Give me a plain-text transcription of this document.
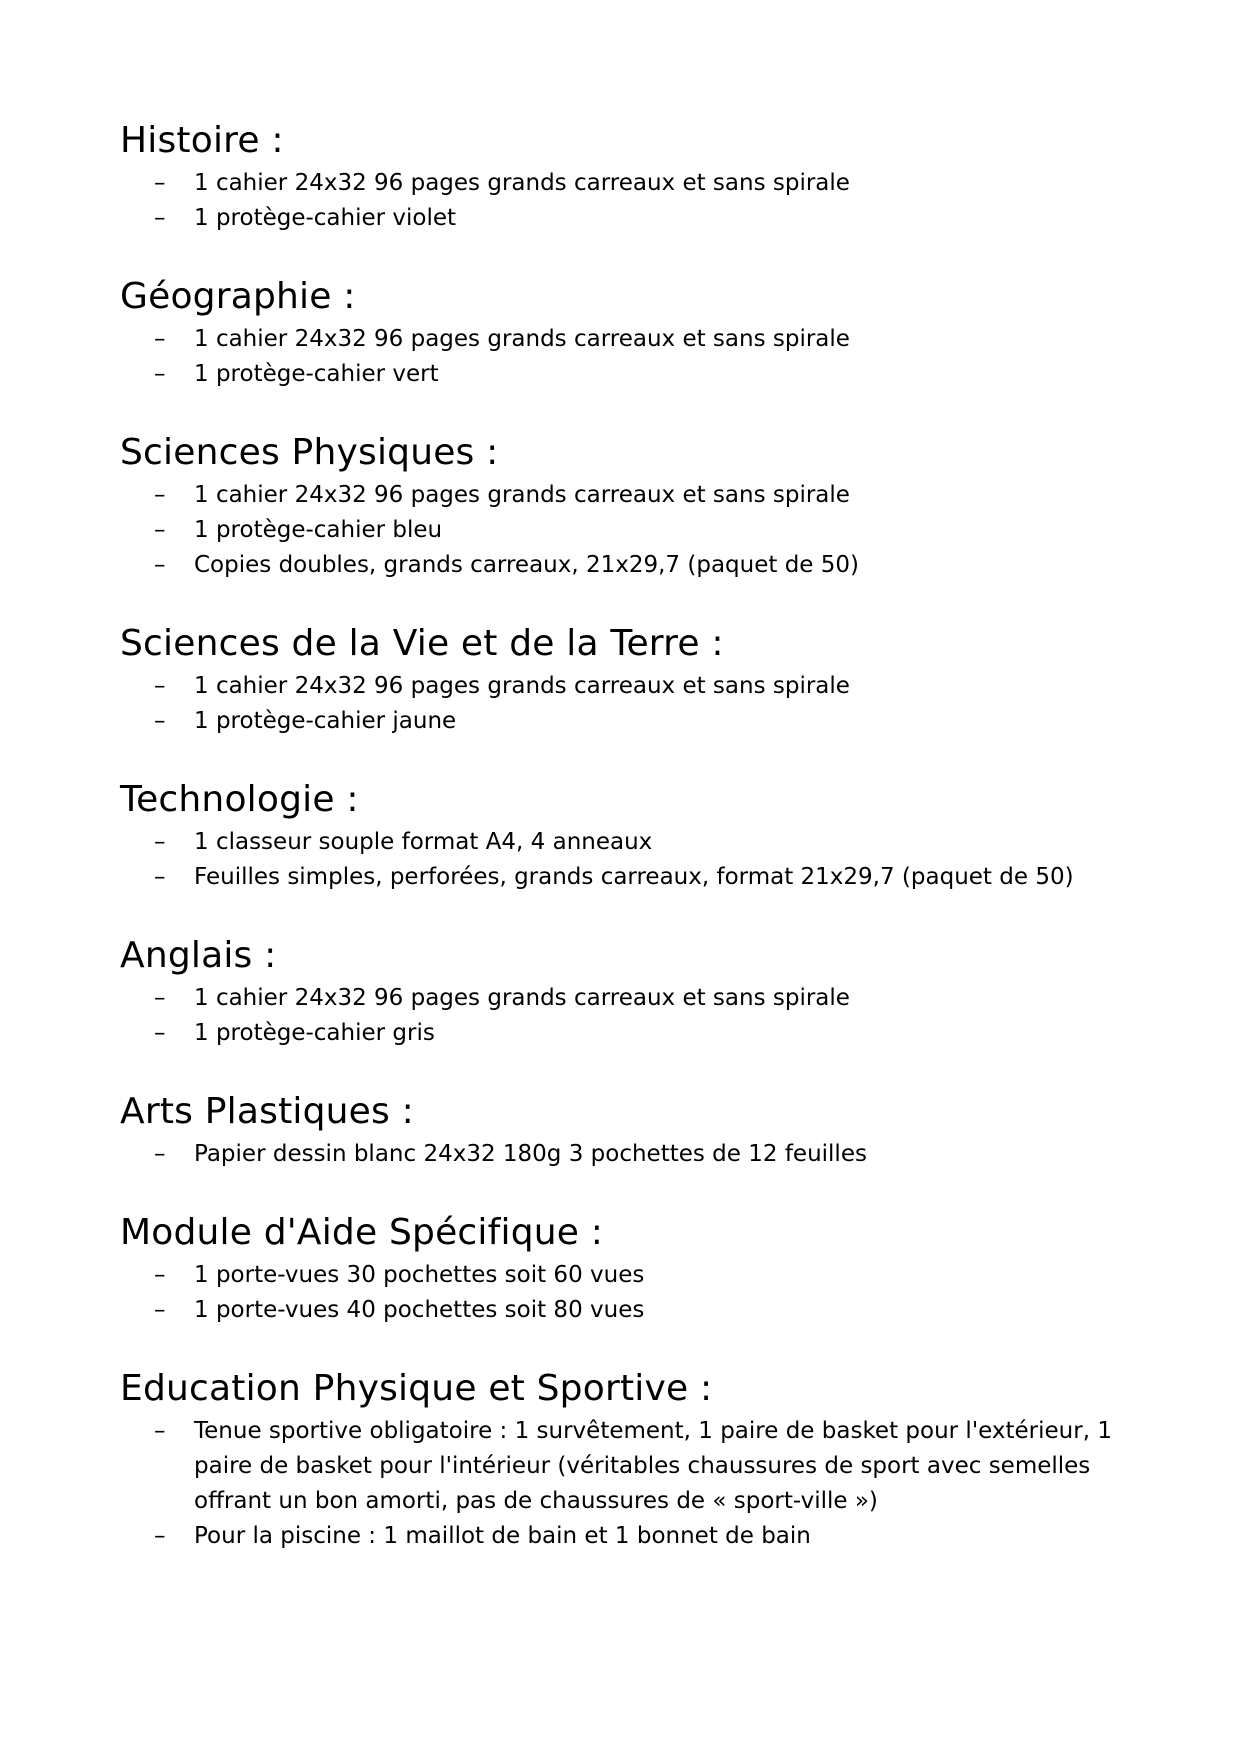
Histoire :
– 1 cahier 24x32 96 pages grands carreaux et sans spirale
– 1 protège-cahier violet
Géographie :
– 1 cahier 24x32 96 pages grands carreaux et sans spirale
– 1 protège-cahier vert
Sciences Physiques :
– 1 cahier 24x32 96 pages grands carreaux et sans spirale
– 1 protège-cahier bleu
– Copies doubles, grands carreaux, 21x29,7 (paquet de 50)
Sciences de la Vie et de la Terre :
– 1 cahier 24x32 96 pages grands carreaux et sans spirale
– 1 protège-cahier jaune
Technologie :
– 1 classeur souple format A4, 4 anneaux
– Feuilles simples, perforées, grands carreaux, format 21x29,7 (paquet de 50)
Anglais :
– 1 cahier 24x32 96 pages grands carreaux et sans spirale
– 1 protège-cahier gris
Arts Plastiques :
– Papier dessin blanc 24x32 180g 3 pochettes de 12 feuilles
Module d'Aide Spécifique :
– 1 porte-vues 30 pochettes soit 60 vues
– 1 porte-vues 40 pochettes soit 80 vues
Education Physique et Sportive :
– Tenue sportive obligatoire : 1 survêtement, 1 paire de basket pour l'extérieur, 1 paire de basket pour l'intérieur (véritables chaussures de sport avec semelles offrant un bon amorti, pas de chaussures de « sport-ville »)
– Pour la piscine : 1 maillot de bain et 1 bonnet de bain
